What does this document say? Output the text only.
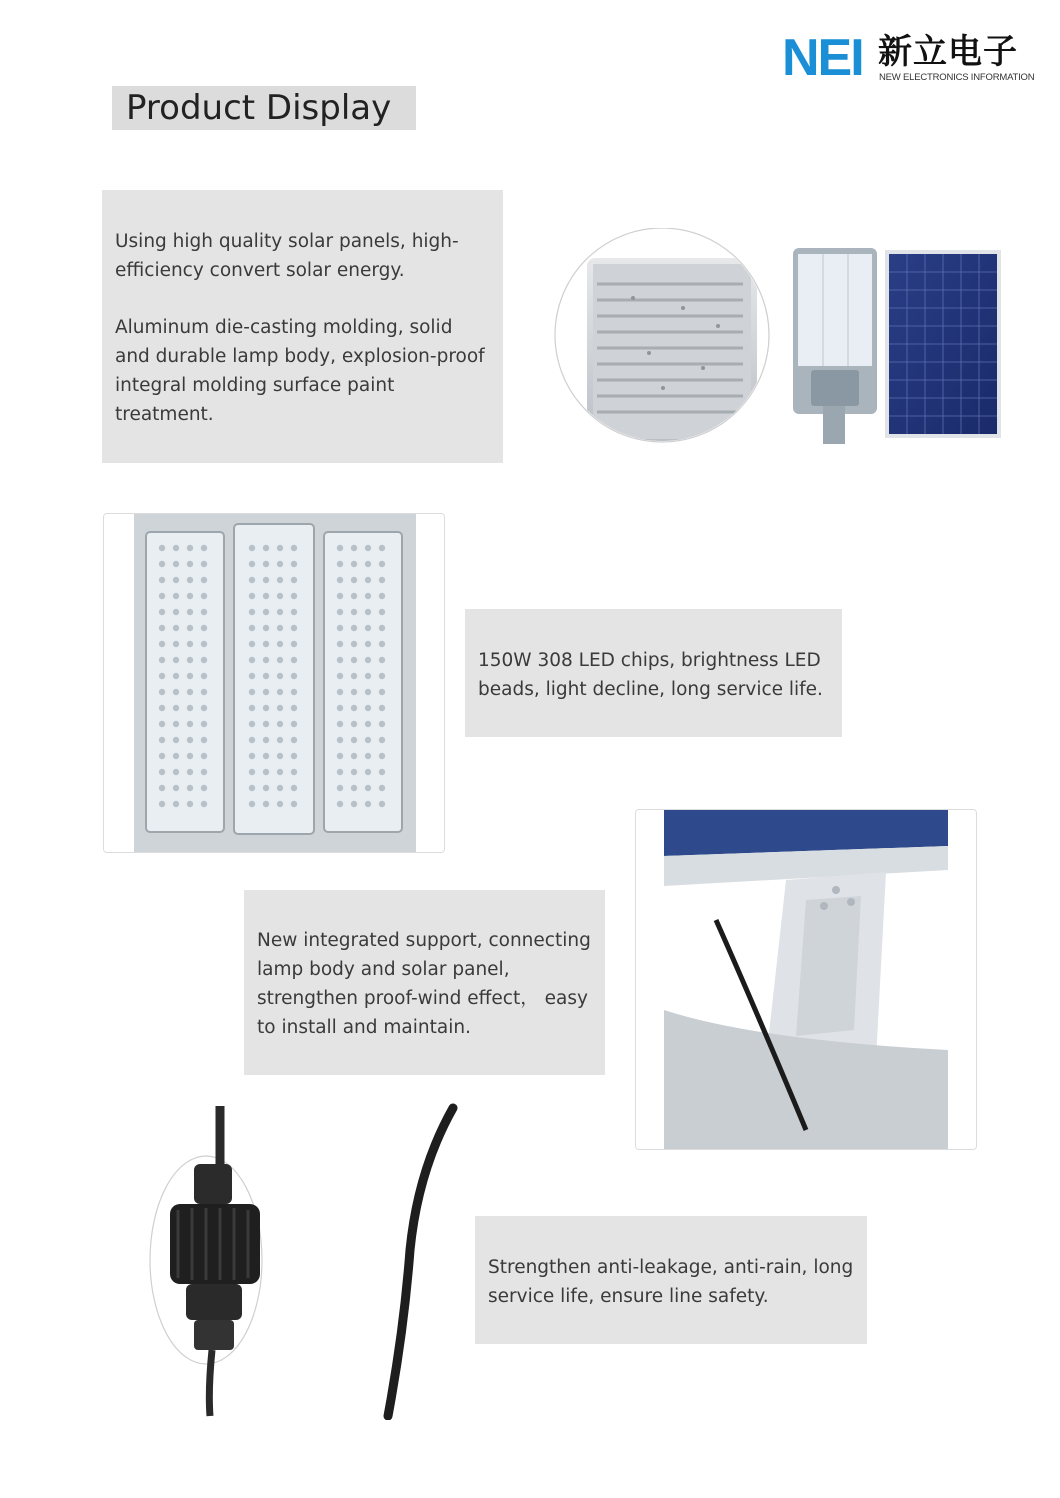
NEI 新立电子
NEW ELECTRONICS INFORMATION
Product Display

Using high quality solar panels, high-efficiency convert solar energy.

Aluminum die-casting molding, solid and durable lamp body, explosion-proof integral molding surface paint treatment.

150W 308 LED chips, brightness LED beads, light decline, long service life.

New integrated support, connecting lamp body and solar panel, strengthen proof-wind effect， easy to install and maintain.

Strengthen anti-leakage, anti-rain, long service life, ensure line safety.
